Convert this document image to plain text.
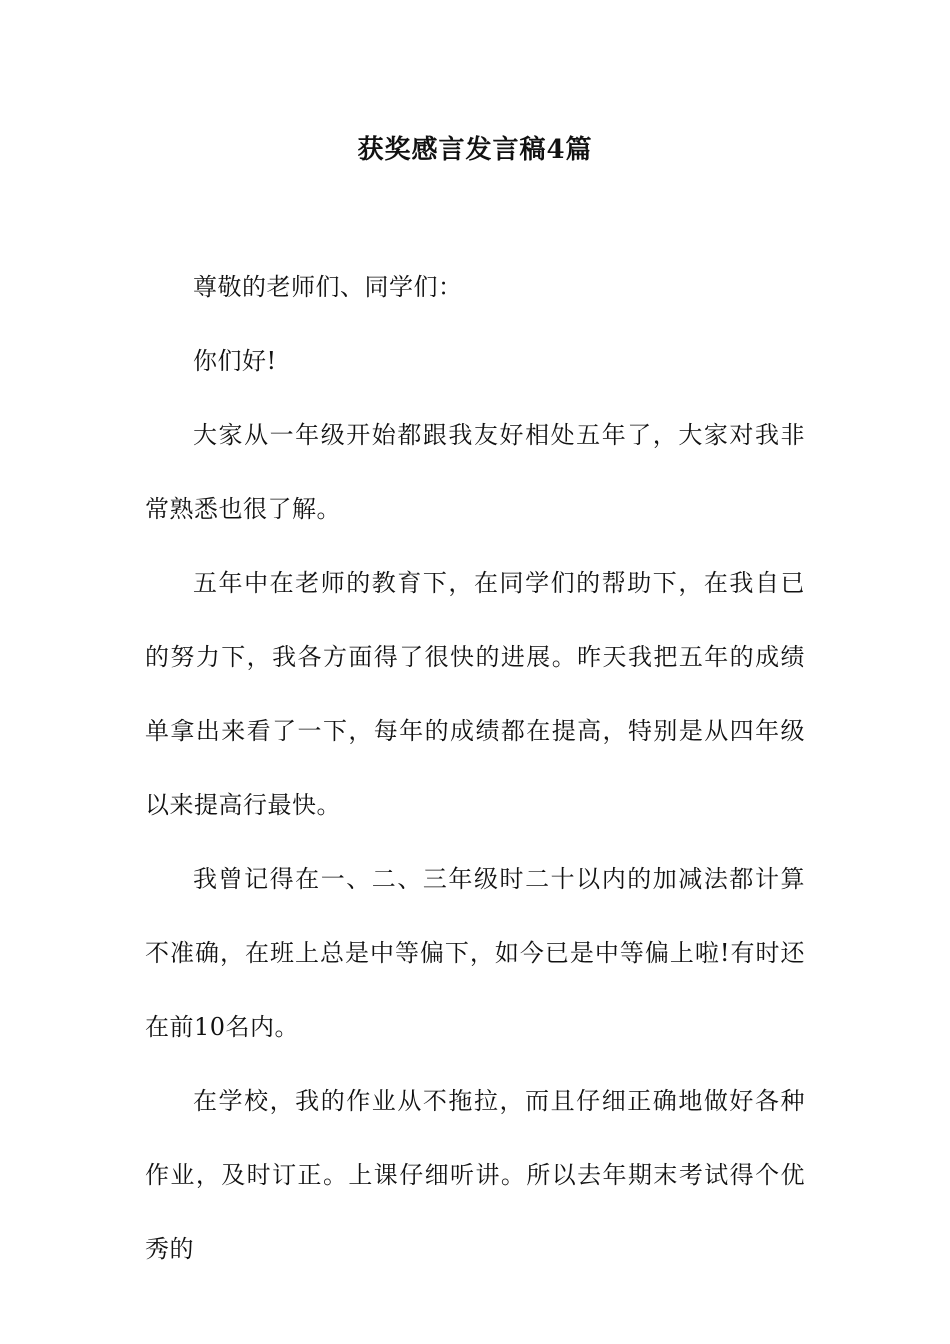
获奖感言发言稿4篇

尊敬的老师们、同学们：

你们好!

大家从一年级开始都跟我友好相处五年了，大家对我非常熟悉也很了解。

五年中在老师的教育下，在同学们的帮助下，在我自已的努力下，我各方面得了很快的进展。昨天我把五年的成绩单拿出来看了一下，每年的成绩都在提高，特别是从四年级以来提高行最快。

我曾记得在一、二、三年级时二十以内的加减法都计算不准确，在班上总是中等偏下，如今已是中等偏上啦!有时还在前10名内。

在学校，我的作业从不拖拉，而且仔细正确地做好各种作业，及时订正。上课仔细听讲。所以去年期末考试得个优秀的
